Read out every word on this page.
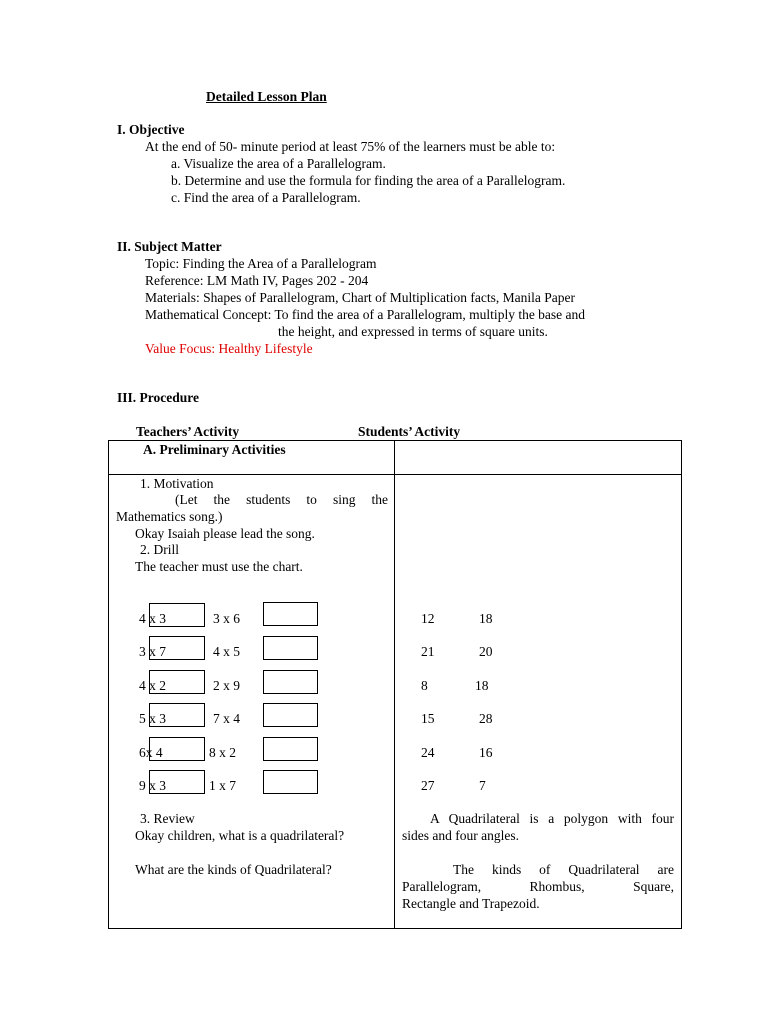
Detailed Lesson Plan
I. Objective
At the end of 50- minute period at least 75% of the learners must be able to:
a. Visualize the area of a Parallelogram.
b. Determine and use the formula for finding the area of a Parallelogram.
c. Find the area of a Parallelogram.
II. Subject Matter
Topic: Finding the Area of a Parallelogram
Reference: LM Math IV, Pages 202 - 204
Materials: Shapes of Parallelogram, Chart of Multiplication facts, Manila Paper
Mathematical Concept: To find the area of a Parallelogram, multiply the base and
the height, and expressed in terms of square units.
Value Focus: Healthy Lifestyle
III. Procedure
Teachers’ Activity	Students’ Activity
A. Preliminary Activities
1. Motivation
(Let the students to sing the
Mathematics song.)
Okay Isaiah please lead the song.
2. Drill
The teacher must use the chart.
4 x 3	3 x 6	12	18
3 x 7	4 x 5	21	20
4 x 2	2 x 9	8	18
5 x 3	7 x 4	15	28
6x 4	8 x 2	24	16
9 x 3	1 x 7	27	7
3. Review
Okay children, what is a quadrilateral?
What are the kinds of Quadrilateral?
A Quadrilateral is a polygon with four
sides and four angles.
The kinds of Quadrilateral are
Parallelogram, Rhombus, Square,
Rectangle and Trapezoid.
